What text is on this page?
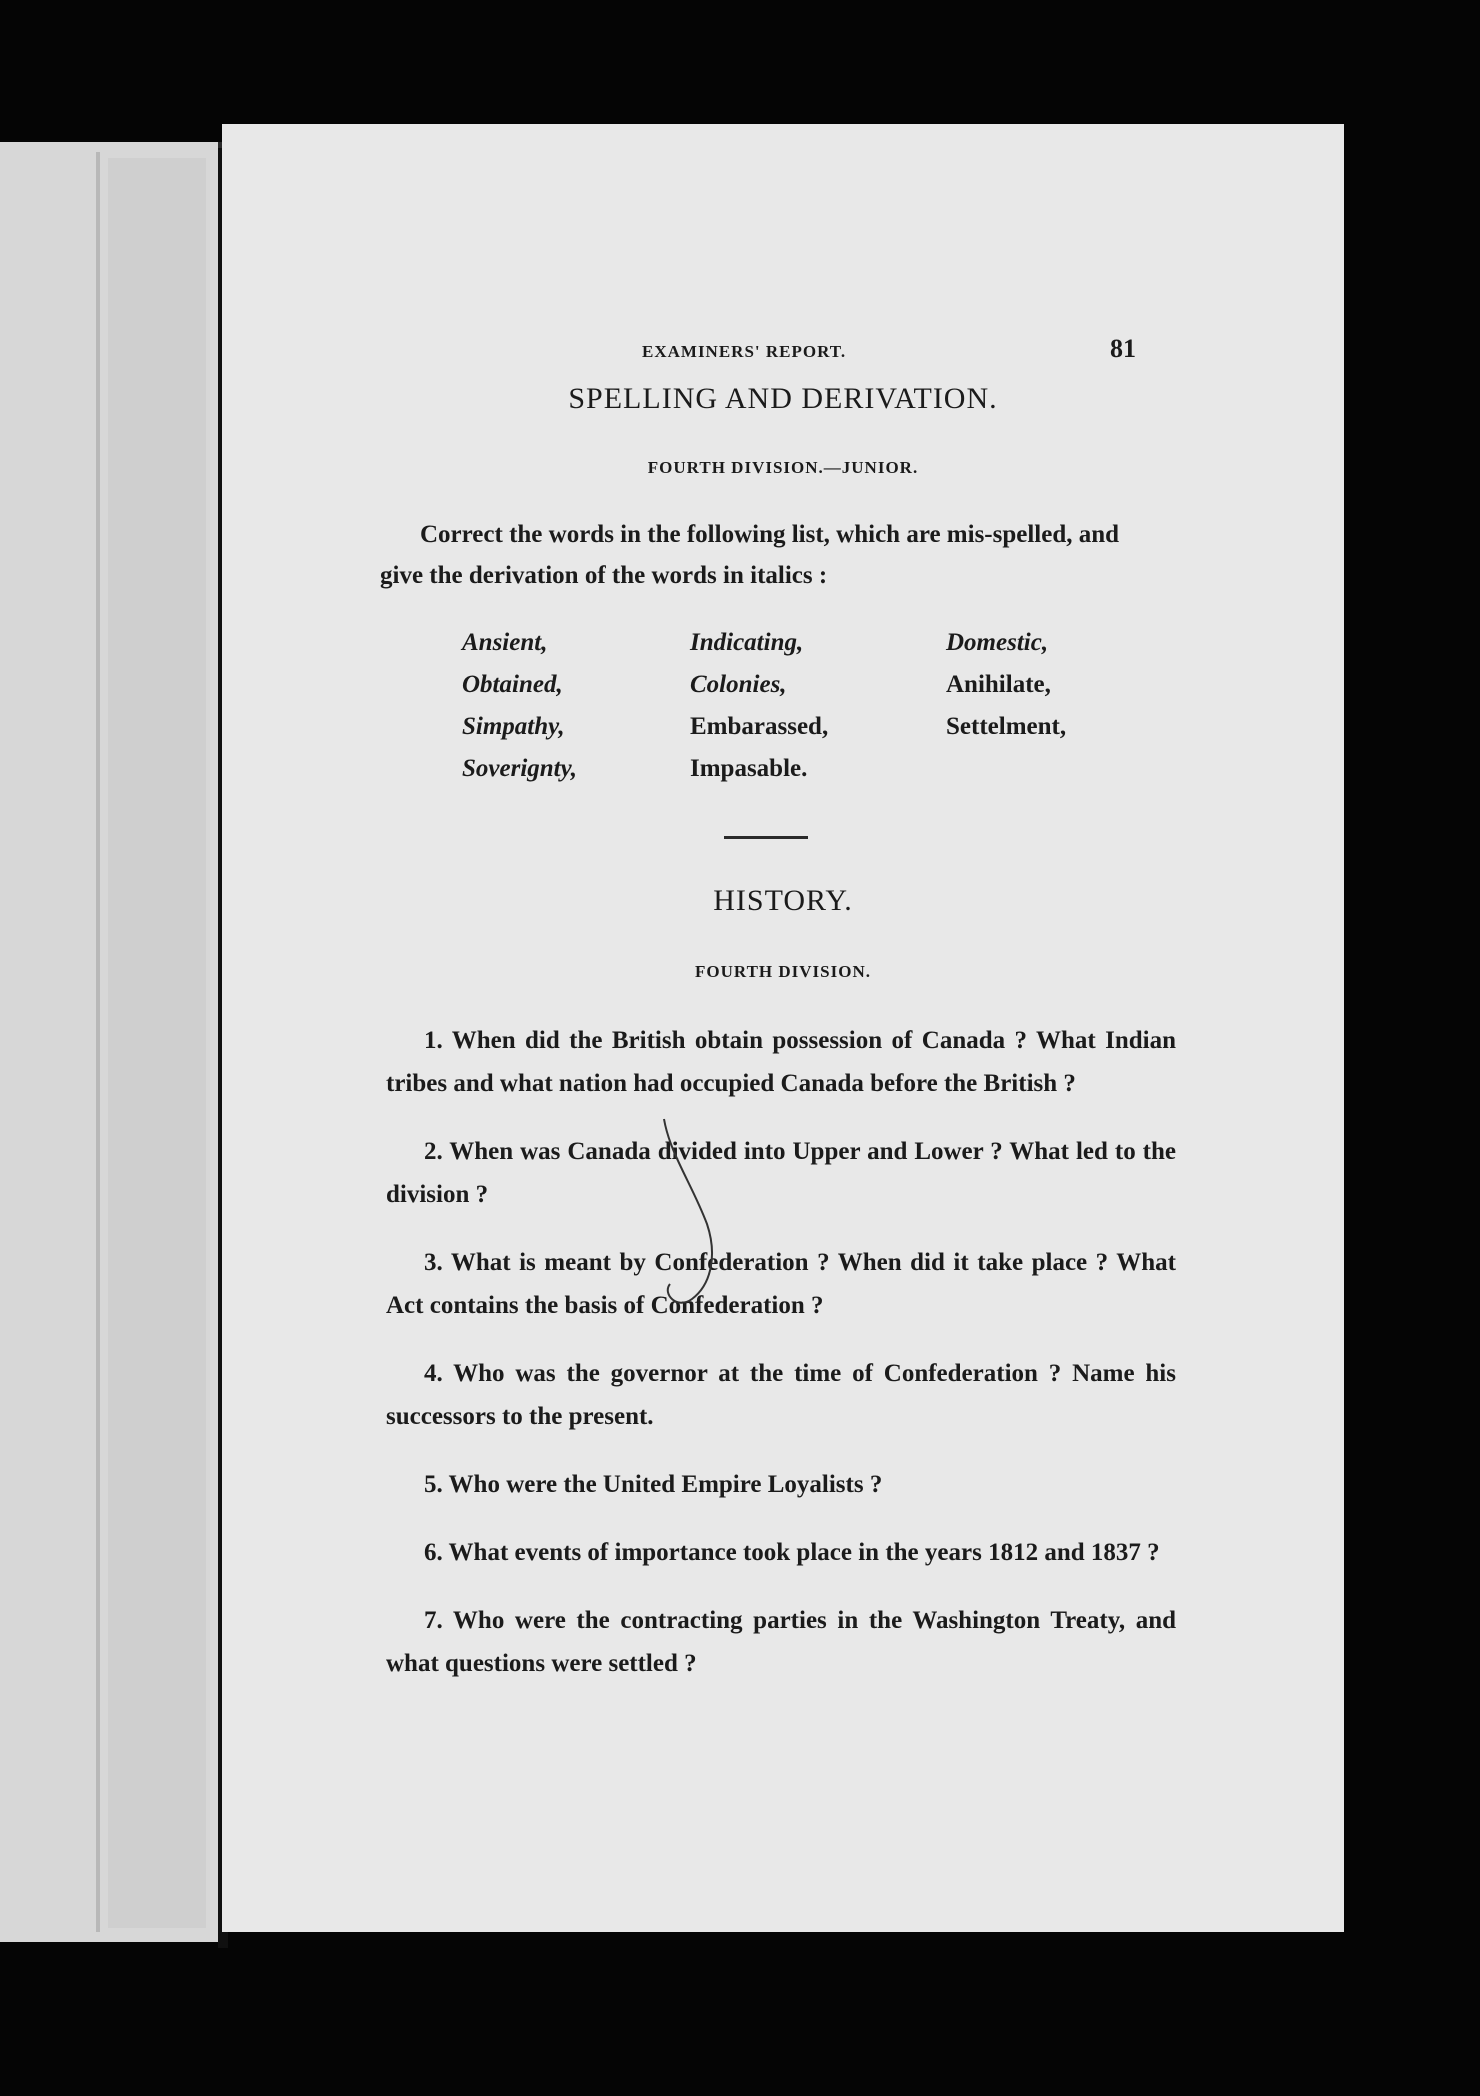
EXAMINERS' REPORT.	81
SPELLING AND DERIVATION.
FOURTH DIVISION.—JUNIOR.
Correct the words in the following list, which are mis-spelled, and give the derivation of the words in italics :
Ansient,
Obtained,
Simpathy,
Soverignty,
Indicating,
Colonies,
Embarassed,
Impasable.
Domestic,
Anihilate,
Settelment,
HISTORY.
FOURTH DIVISION.

1. When did the British obtain possession of Canada ? What Indian tribes and what nation had occupied Canada before the British ?

2. When was Canada divided into Upper and Lower ? What led to the division ?

3. What is meant by Confederation ? When did it take place ? What Act contains the basis of Confederation ?

4. Who was the governor at the time of Confederation ? Name his successors to the present.

5. Who were the United Empire Loyalists ?

6. What events of importance took place in the years 1812 and 1837 ?

7. Who were the contracting parties in the Washington Treaty, and what questions were settled ?
